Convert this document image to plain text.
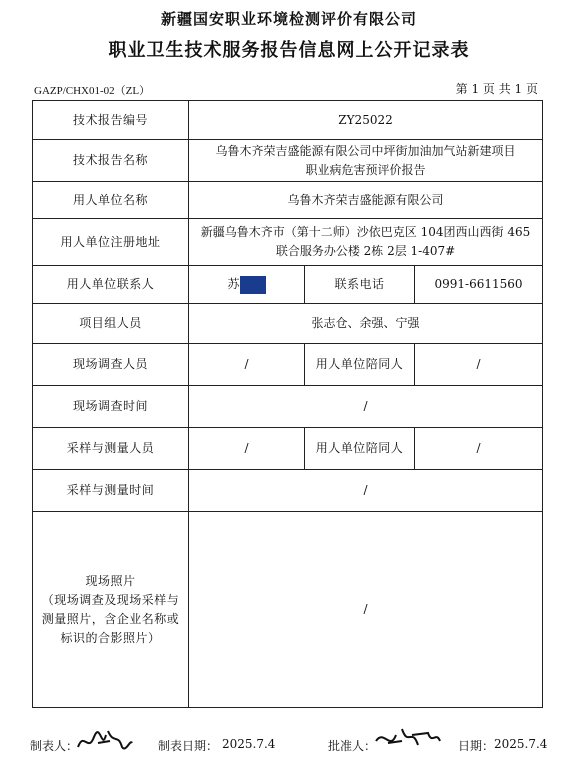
新疆国安职业环境检测评价有限公司
职业卫生技术服务报告信息网上公开记录表
GAZP/CHX01-02（ZL）	第 1 页 共 1 页
技术报告编号	ZY25022		
技术报告名称	乌鲁木齐荣吉盛能源有限公司中坪街加油加气站新建项目职业病危害预评价报告		
用人单位名称	乌鲁木齐荣吉盛能源有限公司		
用人单位注册地址	新疆乌鲁木齐市（第十二师）沙依巴克区 104团西山西街 465 联合服务办公楼 2栋 2层 1-407#		
用人单位联系人	苏	联系电话	0991-6611560
项目组人员	张志仓、余强、宁强		
现场调查人员	/	用人单位陪同人	/
现场调查时间	/		
采样与测量人员	/	用人单位陪同人	/
采样与测量时间	/		

现场照片
（现场调查及现场采样与测量照片，含企业名称或标识的合影照片）	/		
制表人：	制表日期： 2025.7.4	批准人：	日期： 2025.7.4
